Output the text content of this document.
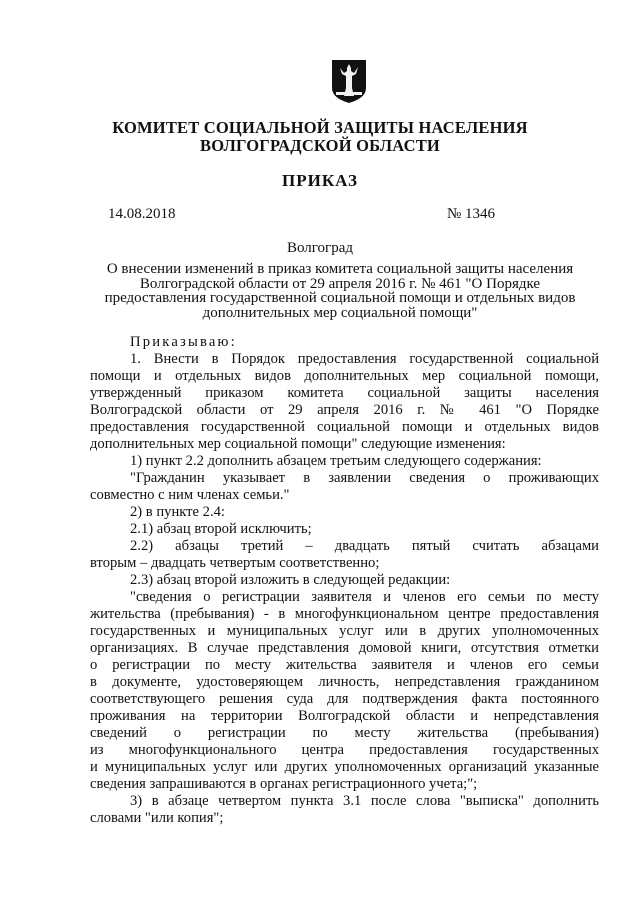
КОМИТЕТ СОЦИАЛЬНОЙ ЗАЩИТЫ НАСЕЛЕНИЯ
ВОЛГОГРАДСКОЙ ОБЛАСТИ
ПРИКАЗ
14.08.2018	№ 1346
Волгоград
О внесении изменений в приказ комитета социальной защиты населения
Волгоградской области от 29 апреля 2016 г. № 461 "О Порядке
предоставления государственной социальной помощи и отдельных видов
дополнительных мер социальной помощи"
Приказываю:
1. Внести в Порядок предоставления государственной социальной
помощи и отдельных видов дополнительных мер социальной помощи,
утвержденный приказом комитета социальной защиты населения
Волгоградской области от 29 апреля 2016 г. № 461 "О Порядке
предоставления государственной социальной помощи и отдельных видов
дополнительных мер социальной помощи" следующие изменения:
1) пункт 2.2 дополнить абзацем третьим следующего содержания:
"Гражданин указывает в заявлении сведения о проживающих
совместно с ним членах семьи."
2) в пункте 2.4:
2.1) абзац второй исключить;
2.2) абзацы третий – двадцать пятый считать абзацами
вторым – двадцать четвертым соответственно;
2.3) абзац второй изложить в следующей редакции:
"сведения о регистрации заявителя и членов его семьи по месту
жительства (пребывания) - в многофункциональном центре предоставления
государственных и муниципальных услуг или в других уполномоченных
организациях. В случае представления домовой книги, отсутствия отметки
о регистрации по месту жительства заявителя и членов его семьи
в документе, удостоверяющем личность, непредставления гражданином
соответствующего решения суда для подтверждения факта постоянного
проживания на территории Волгоградской области и непредставления
сведений о регистрации по месту жительства (пребывания)
из многофункционального центра предоставления государственных
и муниципальных услуг или других уполномоченных организаций указанные
сведения запрашиваются в органах регистрационного учета;";
3) в абзаце четвертом пункта 3.1 после слова "выписка" дополнить
словами "или копия";
